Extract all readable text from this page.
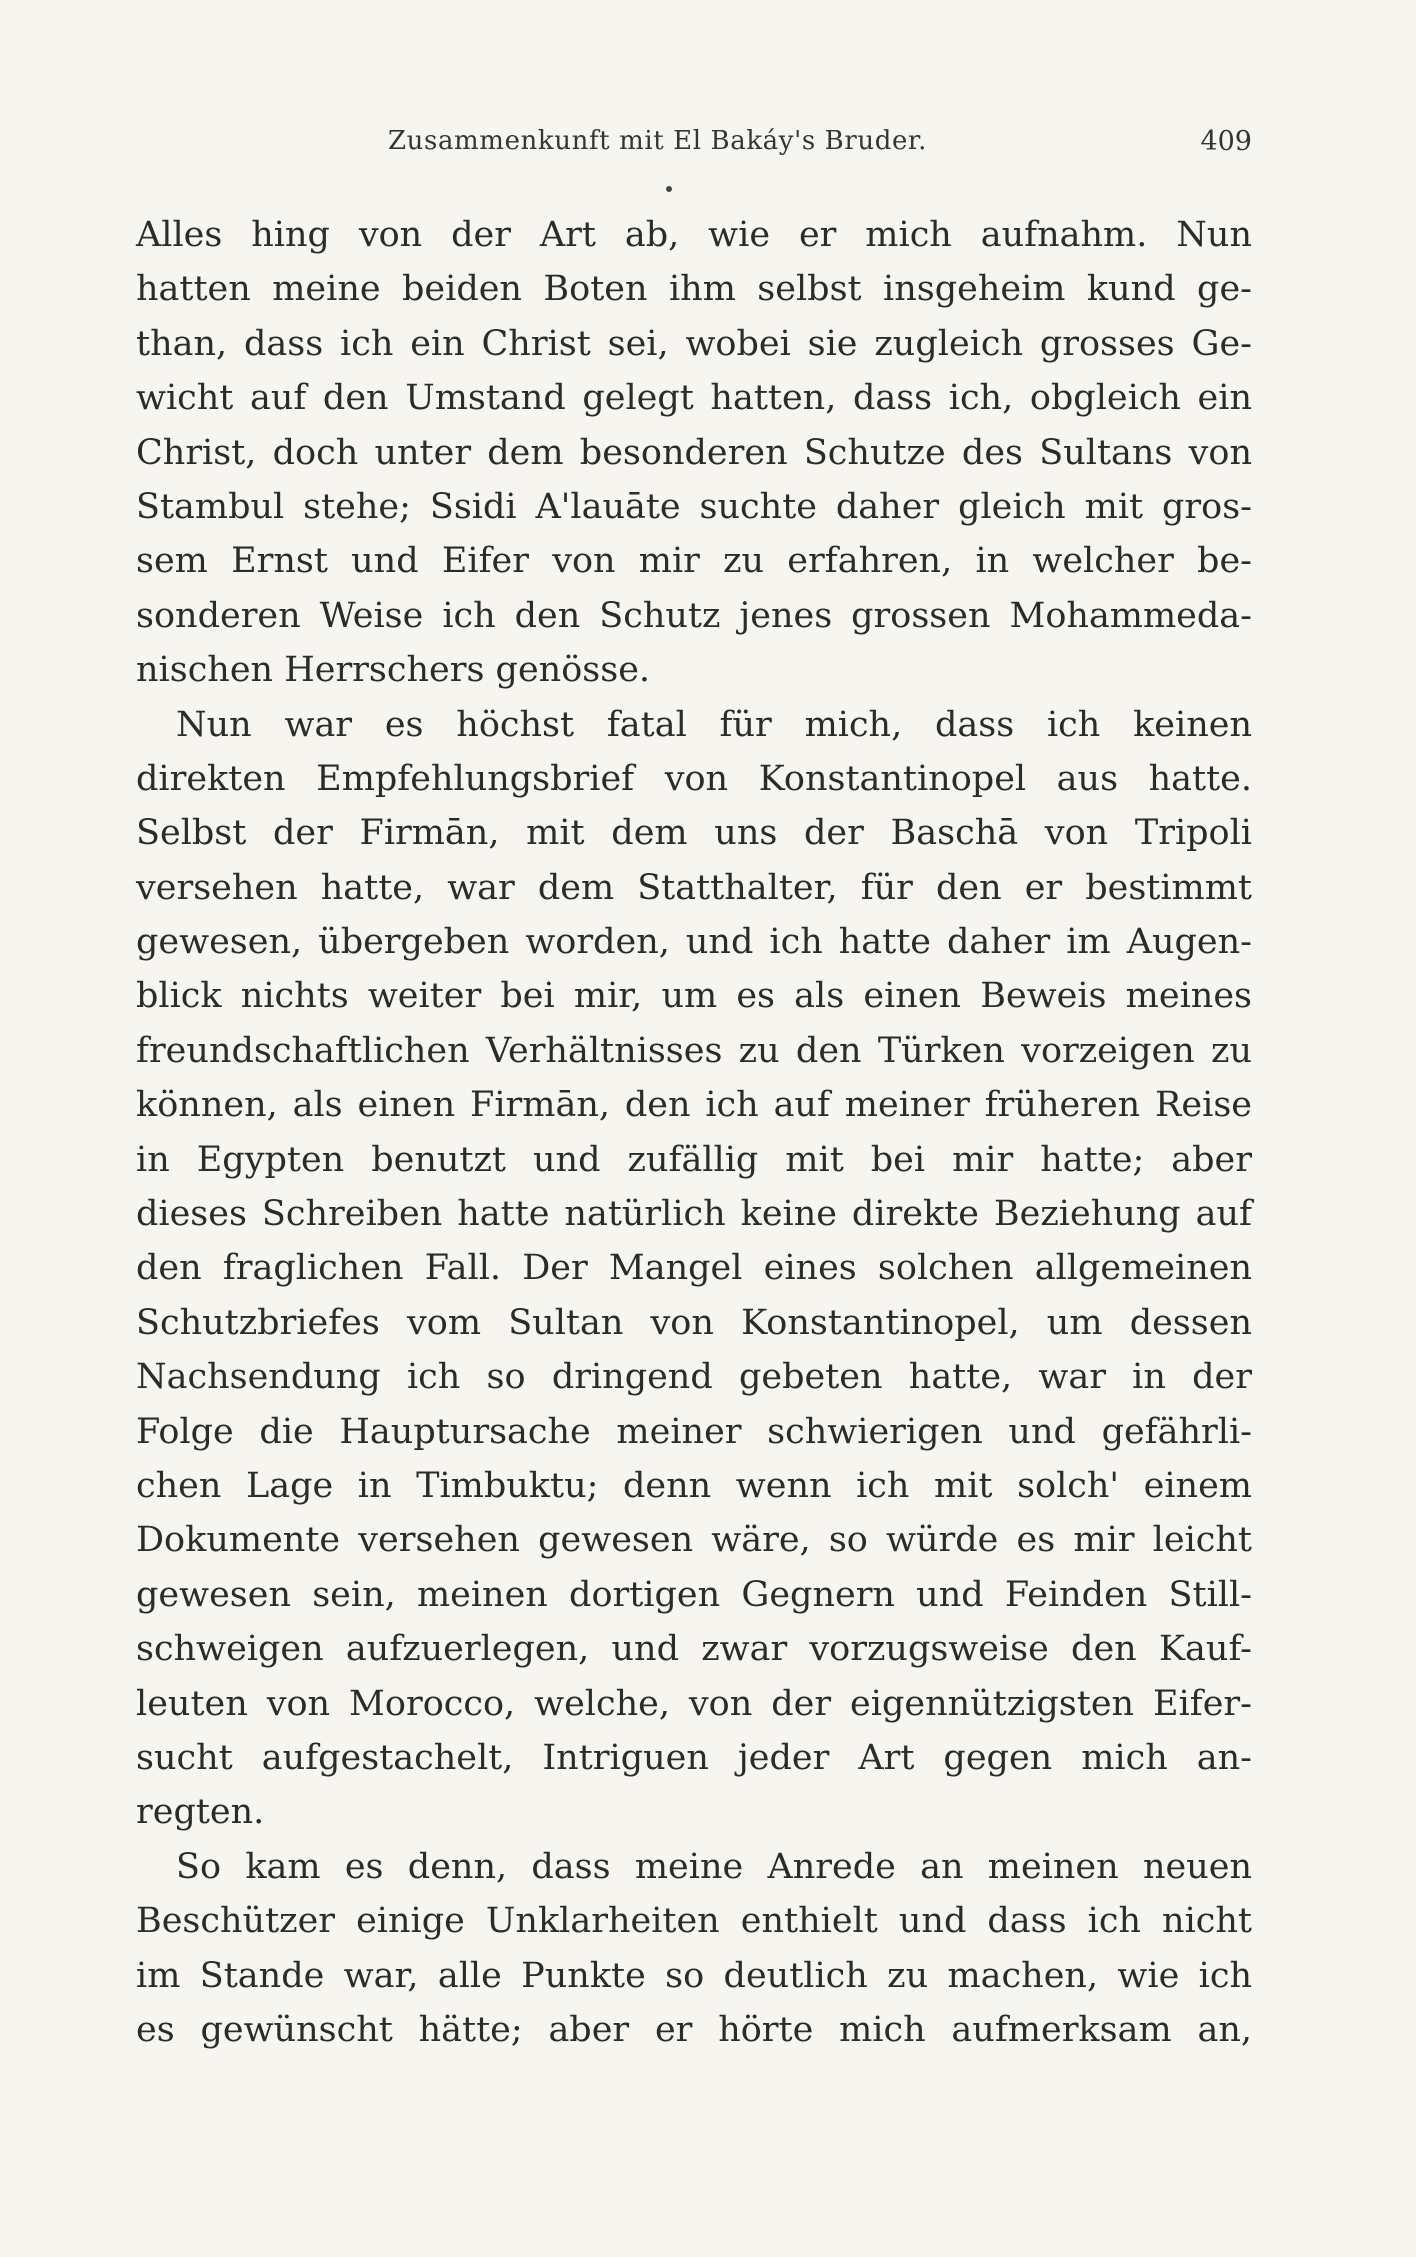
Zusammenkunft mit El Bakáy's Bruder.	409
Alles hing von der Art ab, wie er mich aufnahm. Nun
hatten meine beiden Boten ihm selbst insgeheim kund ge-
than, dass ich ein Christ sei, wobei sie zugleich grosses Ge-
wicht auf den Umstand gelegt hatten, dass ich, obgleich ein
Christ, doch unter dem besonderen Schutze des Sultans von
Stambul stehe; Ssidi A'lauāte suchte daher gleich mit gros-
sem Ernst und Eifer von mir zu erfahren, in welcher be-
sonderen Weise ich den Schutz jenes grossen Mohammeda-
nischen Herrschers genösse.
Nun war es höchst fatal für mich, dass ich keinen
direkten Empfehlungsbrief von Konstantinopel aus hatte.
Selbst der Firmān, mit dem uns der Baschā von Tripoli
versehen hatte, war dem Statthalter, für den er bestimmt
gewesen, übergeben worden, und ich hatte daher im Augen-
blick nichts weiter bei mir, um es als einen Beweis meines
freundschaftlichen Verhältnisses zu den Türken vorzeigen zu
können, als einen Firmān, den ich auf meiner früheren Reise
in Egypten benutzt und zufällig mit bei mir hatte; aber
dieses Schreiben hatte natürlich keine direkte Beziehung auf
den fraglichen Fall. Der Mangel eines solchen allgemeinen
Schutzbriefes vom Sultan von Konstantinopel, um dessen
Nachsendung ich so dringend gebeten hatte, war in der
Folge die Hauptursache meiner schwierigen und gefährli-
chen Lage in Timbuktu; denn wenn ich mit solch' einem
Dokumente versehen gewesen wäre, so würde es mir leicht
gewesen sein, meinen dortigen Gegnern und Feinden Still-
schweigen aufzuerlegen, und zwar vorzugsweise den Kauf-
leuten von Morocco, welche, von der eigennützigsten Eifer-
sucht aufgestachelt, Intriguen jeder Art gegen mich an-
regten.
So kam es denn, dass meine Anrede an meinen neuen
Beschützer einige Unklarheiten enthielt und dass ich nicht
im Stande war, alle Punkte so deutlich zu machen, wie ich
es gewünscht hätte; aber er hörte mich aufmerksam an,
